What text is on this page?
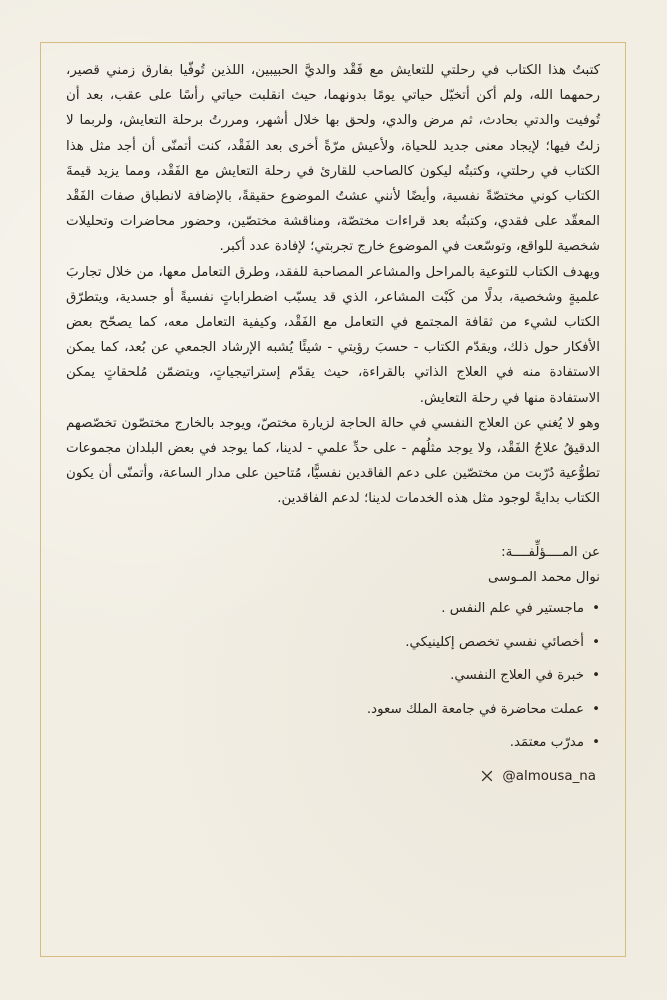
كتبتُ هذا الكتاب في رحلتي للتعايش مع فَقْد والديَّ الحبيبين، اللذين تُوفّيا بفارق زمني قصير، رحمهما الله، ولم أكن أتخيّل حياتي يومًا بدونهما، حيث انقلبت حياتي رأسًا على عقب، بعد أن تُوفيت والدتي بحادث، ثم مرض والدي، ولحق بها خلال أشهر، ومررتُ برحلة التعايش، ولربما لا زلتُ فيها؛ لإيجاد معنى جديد للحياة، ولأعيش مرّةً أخرى بعد الفَقْد، كنت أتمنّى أن أجد مثل هذا الكتاب في رحلتي، وكتبتُه ليكون كالصاحب للقارئ في رحلة التعايش مع الفَقْد، ومما يزيد قيمةَ الكتاب كوني مختصّةً نفسية، وأيضًا لأنني عشتُ الموضوع حقيقةً، بالإضافة لانطباق صفات الفَقْد المعقّد على فقدي، وكتبتُه بعد قراءات مختصّة، ومناقشة مختصّين، وحضور محاضرات وتحليلات شخصية للواقع، وتوسّعت في الموضوع خارج تجربتي؛ لإفادة عدد أكبر.

ويهدف الكتاب للتوعية بالمراحل والمشاعر المصاحبة للفقد، وطرق التعامل معها، من خلال تجاربَ علميةٍ وشخصية، بدلًا من كَبْت المشاعر، الذي قد يسبّب اضطراباتٍ نفسيةً أو جسدية، ويتطرّق الكتاب لشيء من ثقافة المجتمع في التعامل مع الفَقْد، وكيفية التعامل معه، كما يصحّح بعض الأفكار حول ذلك، ويقدّم الكتاب - حسبَ رؤيتي - شيئًا يُشبه الإرشاد الجمعي عن بُعد، كما يمكن الاستفادة منه في العلاج الذاتي بالقراءة، حيث يقدّم إستراتيجياتٍ، ويتضمّن مُلحقاتٍ يمكن الاستفادة منها في رحلة التعايش.

وهو لا يُغني عن العلاج النفسي في حالة الحاجة لزيارة مختصّ، ويوجد بالخارج مختصّون تخصّصهم الدقيقُ علاجُ الفَقْد، ولا يوجد مثلُهم - على حدِّ علمي - لدينا، كما يوجد في بعض البلدان مجموعات تطوُّعية دُرّبت من مختصّين على دعم الفاقدين نفسيًّا، مُتاحين على مدار الساعة، وأتمنّى أن يكون الكتاب بدايةً لوجود مثل هذه الخدمات لدينا؛ لدعم الفاقدين.

عن المــــؤلِّفــــة:
نوال محمد المـوسى
• ماجستير في علم النفس .
• أخصائي نفسي تخصص إكلينيكي.
• خبرة في العلاج النفسي.
• عملت محاضرة في جامعة الملك سعود.
• مدرّب معتمَد.
@almousa_na
